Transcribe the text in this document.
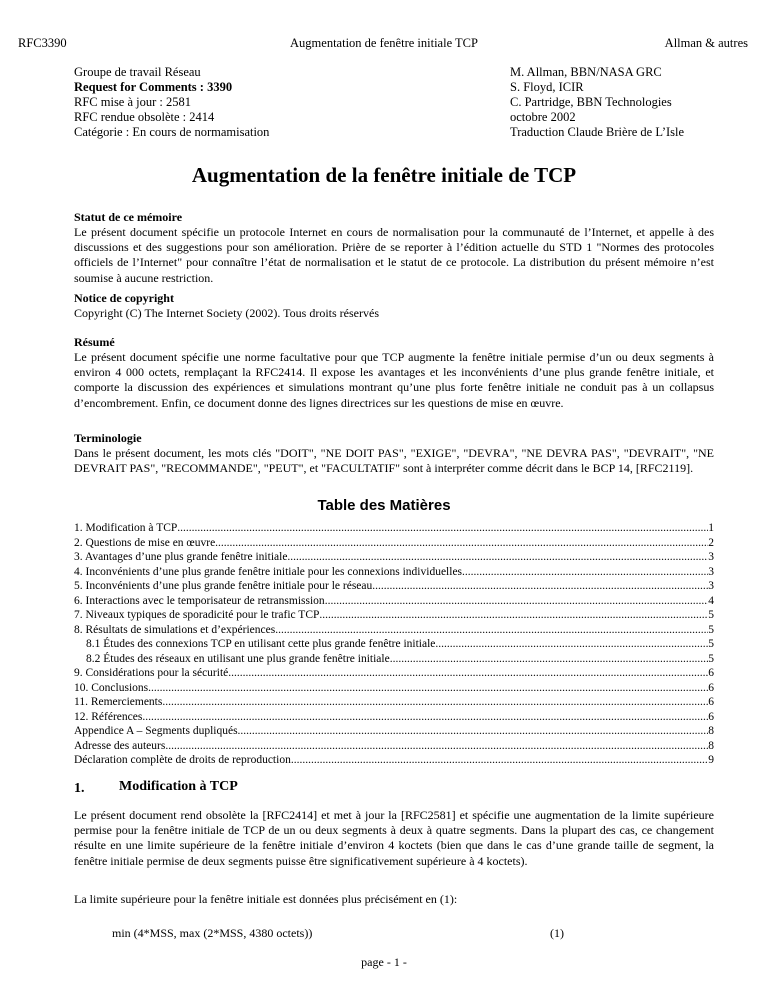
RFC3390	Augmentation de fenêtre initiale TCP	Allman & autres
Groupe de travail Réseau
Request for Comments : 3390
RFC mise à jour : 2581
RFC rendue obsolète : 2414
Catégorie : En cours de normamisation
M. Allman, BBN/NASA GRC
S. Floyd, ICIR
C. Partridge, BBN Technologies
octobre 2002
Traduction Claude Brière de L’Isle
Augmentation de la fenêtre initiale de TCP
Statut de ce mémoire
Le présent document spécifie un protocole Internet en cours de normalisation pour la communauté de l’Internet, et appelle à des discussions et des suggestions pour son amélioration. Prière de se reporter à l’édition actuelle du STD 1 "Normes des protocoles officiels de l’Internet" pour connaître l’état de normalisation et le statut de ce protocole. La distribution du présent mémoire n’est soumise à aucune restriction.
Notice de copyright
Copyright (C) The Internet Society (2002). Tous droits réservés
Résumé
Le présent document spécifie une norme facultative pour que TCP augmente la fenêtre initiale permise d’un ou deux segments à environ 4 000 octets, remplaçant la RFC2414. Il expose les avantages et les inconvénients d’une plus grande fenêtre initiale, et comporte la discussion des expériences et simulations montrant qu’une plus forte fenêtre initiale ne conduit pas à un collapsus d’encombrement. Enfin, ce document donne des lignes directrices sur les questions de mise en œuvre.
Terminologie
Dans le présent document, les mots clés "DOIT", "NE DOIT PAS", "EXIGE", "DEVRA", "NE DEVRA PAS", "DEVRAIT", "NE DEVRAIT PAS", "RECOMMANDE", "PEUT", et "FACULTATIF" sont à interpréter comme décrit dans le BCP 14, [RFC2119].
Table des Matières
1. Modification à TCP .....	1
2. Questions de mise en œuvre .....	2
3. Avantages d’une plus grande fenêtre initiale .....	3
4. Inconvénients d’une plus grande fenêtre initiale pour les connexions individuelles .....	3
5. Inconvénients d’une plus grande fenêtre initiale pour le réseau .....	3
6. Interactions avec le temporisateur de retransmission .....	4
7. Niveaux typiques de sporadicité pour le trafic TCP .....	5
8. Résultats de simulations et d’expériences .....	5
8.1 Études des connexions TCP en utilisant cette plus grande fenêtre initiale .....	5
8.2 Études des réseaux en utilisant une plus grande fenêtre initiale .....	5
9. Considérations pour la sécurité .....	6
10. Conclusions .....	6
11. Remerciements .....	6
12. Références .....	6
Appendice A – Segments dupliqués .....	8
Adresse des auteurs .....	8
Déclaration complète de droits de reproduction .....	9
1. Modification à TCP
Le présent document rend obsolète la [RFC2414] et met à jour la [RFC2581] et spécifie une augmentation de la limite supérieure permise pour la fenêtre initiale de TCP de un ou deux segments à deux à quatre segments. Dans la plupart des cas, ce changement résulte en une limite supérieure de la fenêtre initiale d’environ 4 koctets (bien que dans le cas d’une grande taille de segment, la fenêtre initiale permise de deux segments puisse être significativement supérieure à 4 koctets).
La limite supérieure pour la fenêtre initiale est données plus précisément en (1):
min (4*MSS, max (2*MSS, 4380 octets))	(1)
page - 1 -
